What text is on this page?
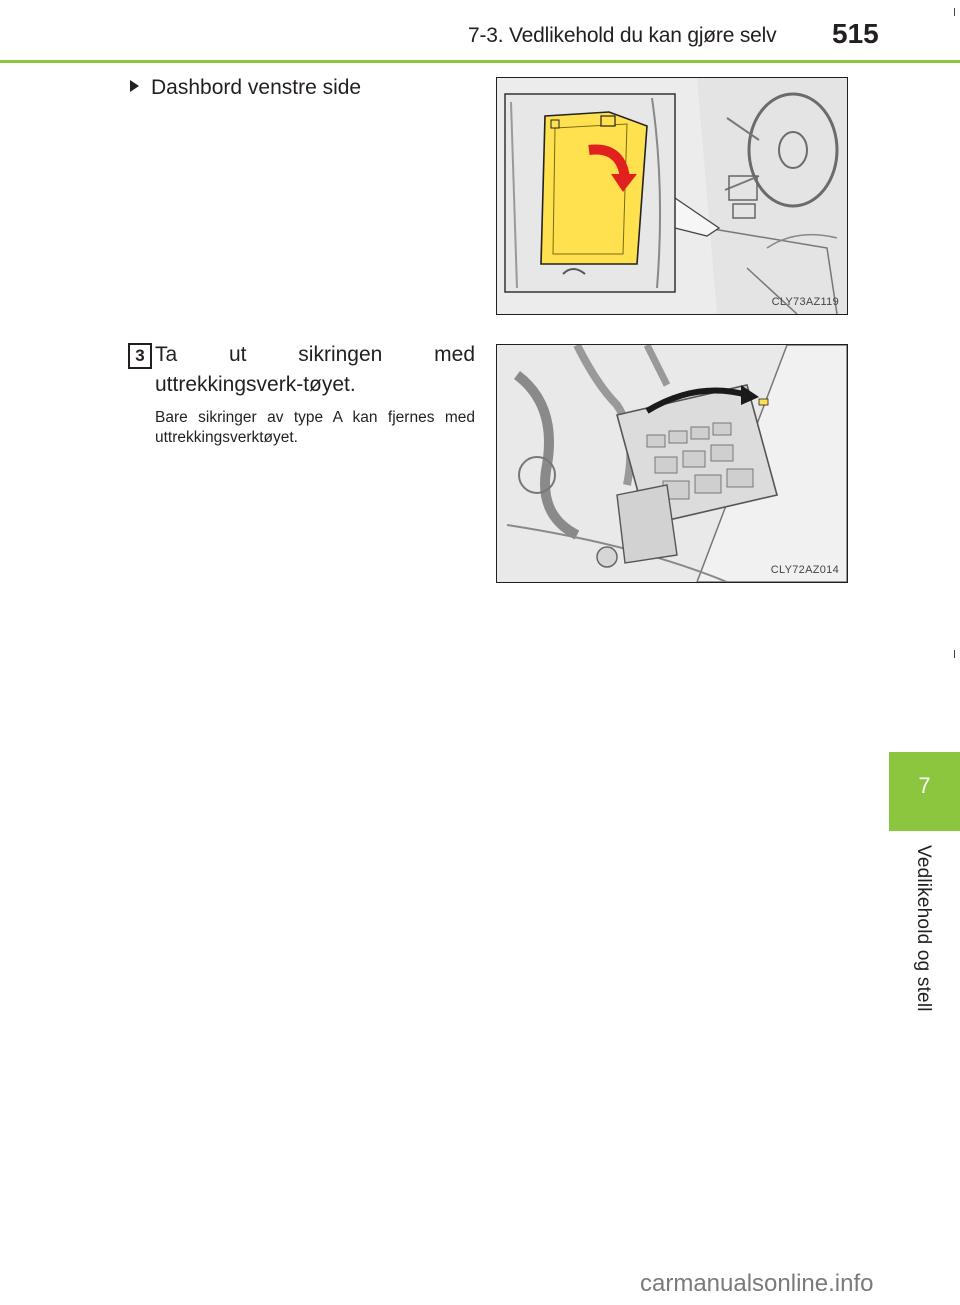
7-3. Vedlikehold du kan gjøre selv 515
Dashbord venstre side
CLY73AZ119
3 Ta ut sikringen med uttrekkingsverk-tøyet.
Bare sikringer av type A kan fjernes med uttrekkingsverktøyet.
CLY72AZ014
7
Vedlikehold og stell
carmanualsonline.info
